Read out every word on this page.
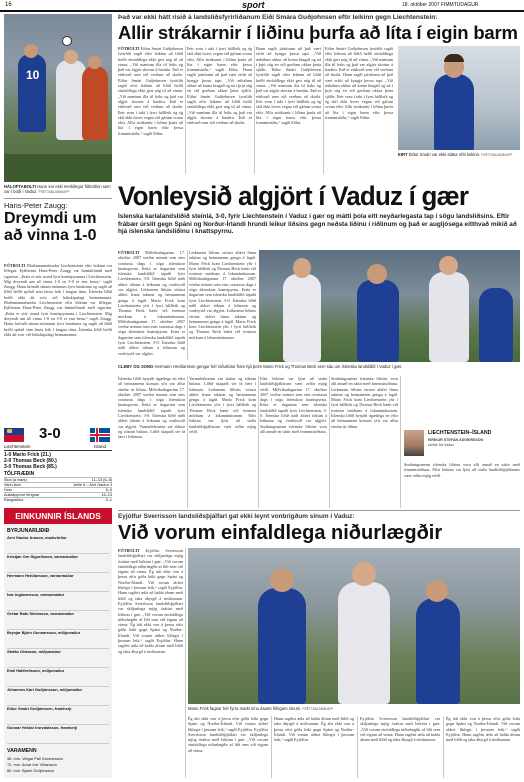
16	sport	18. október 2007 FIMMTUDAGUR
10
HÁLOFTABOLTI Hann var ekki merkilegur fótboltinn sem var í boði í Vaduz. FRÉTTABLAÐIÐ/AFP
Það var ekki hátt risið á landsliðsfyrirliðanum Eiði Smára Guðjohnsen eftir leikinn gegn Liechtenstein:
Allir strákarnir í liðinu þurfa að líta í eigin barm
FÓTBOLTI Eiður Smári Guðjohnsen fyrirliði sagði eftir leikinn að liðið hefði einfaldlega ekki gert nóg til að vinna. „Við mættum illa til leiks og það var algjör skortur á baráttu. Það er eitthvað sem við verðum að skoða. Eiður Smári Guðjohnsen fyrirliði sagði eftir leikinn að liðið hefði einfaldlega ekki gert nóg til að vinna. „Við mættum illa til leiks og það var algjör skortur á baráttu. Það er eitthvað sem við verðum að skoða. Þeir voru í takt í fyrri hálfleik og ég skil ekki hvers vegna við gáfum svona eftir. Allir strákarnir í liðinu þurfa að líta í eigin barm eftir þessa frammistöðu,“ sagði Eiður.
Þeir voru í takt í fyrri hálfleik og ég skil ekki hvers vegna við gáfum svona eftir. Allir strákarnir í liðinu þurfa að líta í eigin barm eftir þessa frammistöðu,“ sagði Eiður. Hann sagði jafnframt að það væri erfitt að kyngja þessu tapi. „Við ætluðum okkur að koma hingað og ná í þrjú stig en við gerðum okkur þetta sjálfir. Eiður Smári Guðjohnsen fyrirliði sagði eftir leikinn að liðið hefði einfaldlega ekki gert nóg til að vinna. „Við mættum illa til leiks og það var algjör skortur á baráttu. Það er eitthvað sem við verðum að skoða.
Hann sagði jafnframt að það væri erfitt að kyngja þessu tapi. „Við ætluðum okkur að koma hingað og ná í þrjú stig en við gerðum okkur þetta sjálfir. Eiður Smári Guðjohnsen fyrirliði sagði eftir leikinn að liðið hefði einfaldlega ekki gert nóg til að vinna. „Við mættum illa til leiks og það var algjör skortur á baráttu. Það er eitthvað sem við verðum að skoða. Þeir voru í takt í fyrri hálfleik og ég skil ekki hvers vegna við gáfum svona eftir. Allir strákarnir í liðinu þurfa að líta í eigin barm eftir þessa frammistöðu,“ sagði Eiður.
Eiður Smári Guðjohnsen fyrirliði sagði eftir leikinn að liðið hefði einfaldlega ekki gert nóg til að vinna. „Við mættum illa til leiks og það var algjör skortur á baráttu. Það er eitthvað sem við verðum að skoða. Hann sagði jafnframt að það væri erfitt að kyngja þessu tapi. „Við ætluðum okkur að koma hingað og ná í þrjú stig en við gerðum okkur þetta sjálfir. Þeir voru í takt í fyrri hálfleik og ég skil ekki hvers vegna við gáfum svona eftir. Allir strákarnir í liðinu þurfa að líta í eigin barm eftir þessa frammistöðu,“ sagði Eiður.
EIRT Eiður Smári var ekki sáttur eftir leikinn. FRÉTTABLAÐIÐ/AFP
Hans-Peter Zaugg:
Dreymdi um að vinna 1-0
FÓTBOLTI Blaðamannafundur Liechtenstein eftir leikinn var líflegur. Þjálfarinn Hans-Peter Zaugg var himinlifandi með sigurinn. „Þetta er stór stund fyrir knattspyrnuna í Liechtenstein. Mig dreymdi um að vinna 1-0 en 3-0 er enn betra,“ sagði Zaugg. Hann hrósaði sínum mönnum fyrir baráttuna og sagði að liðið hefði spilað sinn besta leik í langan tíma. Íslenska liðið hefði ekki átt svör við leikskipulagi heimamanna. Blaðamannafundur Liechtenstein eftir leikinn var líflegur. Þjálfarinn Hans-Peter Zaugg var himinlifandi með sigurinn. „Þetta er stór stund fyrir knattspyrnuna í Liechtenstein. Mig dreymdi um að vinna 1-0 en 3-0 er enn betra,“ sagði Zaugg. Hann hrósaði sínum mönnum fyrir baráttuna og sagði að liðið hefði spilað sinn besta leik í langan tíma. Íslenska liðið hefði ekki átt svör við leikskipulagi heimamanna.
3-0
Liechtenstein	Ísland
1-0 Mario Frick (21.)
2-0 Thomas Beck (80.)
3-0 Thomas Beck (85.)
TÖLFRÆÐIN
Skot (á mark)	11–13 (6–6)
Varin skot	Jehle 6 – Árni Gautur 3
Horn	5–5
Aukaspyrnur fengnar	14–13
Rangstöður	5–1
Vonleysið algjört í Vaduz í gær
Íslenska karlalandsliðið steinlá, 3-0, fyrir Liechtenstein í Vaduz í gær og mátti þola eitt neyðarlegasta tap í sögu landsliðsins. Eftir frábær úrslit gegn Spáni og Norður-Írlandi hrundi leikur liðsins gegn neðsta liðinu í riðlinum og það er augljósega eitthvað mikið að hjá íslenska landsliðinu í knattspyrnu.
FÓTBOLTI Miðvikudagurinn 17. október 2007 verður minnst sem eins svartasta dags í sögu íslenskrar knattspyrnu. Þetta er dagurinn sem íslenska landsliðið tapaði fyrir Liechtenstein, 3-0. Íslenska liðið náði aldrei tökum á leiknum og vonleysið var algjört. Leikmenn liðsins virtust aldrei finna taktinn og heimamenn gengu á lagið. Mario Frick kom Liechtenstein yfir í fyrri hálfleik og Thomas Beck bætti við tveimur mörkum á lokamínútunum. Miðvikudagurinn 17. október 2007 verður minnst sem eins svartasta dags í sögu íslenskrar knattspyrnu. Þetta er dagurinn sem íslenska landsliðið tapaði fyrir Liechtenstein, 3-0. Íslenska liðið náði aldrei tökum á leiknum og vonleysið var algjört.
Leikmenn liðsins virtust aldrei finna taktinn og heimamenn gengu á lagið. Mario Frick kom Liechtenstein yfir í fyrri hálfleik og Thomas Beck bætti við tveimur mörkum á lokamínútunum. Miðvikudagurinn 17. október 2007 verður minnst sem eins svartasta dags í sögu íslenskrar knattspyrnu. Þetta er dagurinn sem íslenska landsliðið tapaði fyrir Liechtenstein, 3-0. Íslenska liðið náði aldrei tökum á leiknum og vonleysið var algjört. Leikmenn liðsins virtust aldrei finna taktinn og heimamenn gengu á lagið. Mario Frick kom Liechtenstein yfir í fyrri hálfleik og Thomas Beck bætti við tveimur mörkum á lokamínútunum.
CLEBY OG SONG Hermann Hreiðarsson gengur hér niðurlútur fram hjá þeim Mario Frick og Thomas Beck sem sáu um íslenska landsliðið í Vaduz í gær.
Íslenska liðið byrjaði ágætlega en eftir að heimamenn komust yfir var allur vindur úr liðinu. Miðvikudagurinn 17. október 2007 verður minnst sem eins svartasta dags í sögu íslenskrar knattspyrnu. Þetta er dagurinn sem íslenska landsliðið tapaði fyrir Liechtenstein, 3-0. Íslenska liðið náði aldrei tökum á leiknum og vonleysið var algjört. Varnarleikurinn var slakur og sóknin bitlaus. Liðið skapaði sér fá færi í leiknum.
Varnarleikurinn var slakur og sóknin bitlaus. Liðið skapaði sér fá færi í leiknum. Leikmenn liðsins virtust aldrei finna taktinn og heimamenn gengu á lagið. Mario Frick kom Liechtenstein yfir í fyrri hálfleik og Thomas Beck bætti við tveimur mörkum á lokamínútunum. Eftir leikinn var ljóst að staða landsliðsþjálfarans væri orðin mjög erfið.
Eftir leikinn var ljóst að staða landsliðsþjálfarans væri orðin mjög erfið. Miðvikudagurinn 17. október 2007 verður minnst sem eins svartasta dags í sögu íslenskrar knattspyrnu. Þetta er dagurinn sem íslenska landsliðið tapaði fyrir Liechtenstein, 3-0. Íslenska liðið náði aldrei tökum á leiknum og vonleysið var algjört. Stuðningsmenn íslenska liðsins voru allt annað en sáttir með frammistöðuna.
Stuðningsmenn íslenska liðsins voru allt annað en sáttir með frammistöðuna. Leikmenn liðsins virtust aldrei finna taktinn og heimamenn gengu á lagið. Mario Frick kom Liechtenstein yfir í fyrri hálfleik og Thomas Beck bætti við tveimur mörkum á lokamínútunum. Íslenska liðið byrjaði ágætlega en eftir að heimamenn komust yfir var allur vindur úr liðinu.
LIECHTENSTEIN–ÍSLAND
EIRÍKUR STEFÁN ÁSGEIRSSON
skrifar frá Vaduz
Stuðningsmenn íslenska liðsins voru allt annað en sáttir með frammistöðuna. Eftir leikinn var ljóst að staða landsliðsþjálfarans væri orðin mjög erfið.
EINKUNNIR ÍSLANDS
BYRJUNARLIÐIÐ
Árni Gautur Arason, markvörður
Kristján Örn Sigurðsson, varnarmaður
Hermann Hreiðarsson, varnarmaður
Ívar Ingimarsson, varnarmaður
Grétar Rafn Steinsson, varnarmaður
Brynjar Björn Gunnarsson, miðjumaður
Stefán Gíslason, miðjumaður
Emil Hallfreðsson, miðjumaður
Jóhannes Karl Guðjónsson, miðjumaður
Eiður Smári Guðjohnsen, framherji
Gunnar Heiðar Þorvaldsson, framherji
VARAMENN
46. mín. Veigar Páll Gunnarsson
72. mín. Arnar Þór Viðarsson
80. mín. Bjarni Guðjónsson
Eyjólfur Sverrisson landsliðsþjálfari gat ekki leynt vonbrigðum sínum í Vaduz:
Við vorum einfaldlega niðurlægðir
FÓTBOLTI Eyjólfur Sverrisson landsliðsþjálfari var skiljanlega mjög ósáttur með leikinn í gær. „Við vorum einfaldlega niðurlægðir af liði sem við eigum að vinna. Ég átti ekki von á þessu eftir góða leiki gegn Spáni og Norður-Írlandi. Við vorum aldrei líklegir í þessum leik,“ sagði Eyjólfur. Hann sagðist ætla að halda áfram með liðið og taka ábyrgð á úrslitunum. Eyjólfur Sverrisson landsliðsþjálfari var skiljanlega mjög ósáttur með leikinn í gær. „Við vorum einfaldlega niðurlægðir af liði sem við eigum að vinna. Ég átti ekki von á þessu eftir góða leiki gegn Spáni og Norður-Írlandi. Við vorum aldrei líklegir í þessum leik,“ sagði Eyjólfur. Hann sagðist ætla að halda áfram með liðið og taka ábyrgð á úrslitunum.
Mario Frick fagnar hér fyrra marki sínu ásamt félögum sínum. FRÉTTABLAÐIÐ/AFP
Ég átti ekki von á þessu eftir góða leiki gegn Spáni og Norður-Írlandi. Við vorum aldrei líklegir í þessum leik,“ sagði Eyjólfur. Eyjólfur Sverrisson landsliðsþjálfari var skiljanlega mjög ósáttur með leikinn í gær. „Við vorum einfaldlega niðurlægðir af liði sem við eigum að vinna.
Hann sagðist ætla að halda áfram með liðið og taka ábyrgð á úrslitunum. Ég átti ekki von á þessu eftir góða leiki gegn Spáni og Norður-Írlandi. Við vorum aldrei líklegir í þessum leik,“ sagði Eyjólfur.
Eyjólfur Sverrisson landsliðsþjálfari var skiljanlega mjög ósáttur með leikinn í gær. „Við vorum einfaldlega niðurlægðir af liði sem við eigum að vinna. Hann sagðist ætla að halda áfram með liðið og taka ábyrgð á úrslitunum.
Ég átti ekki von á þessu eftir góða leiki gegn Spáni og Norður-Írlandi. Við vorum aldrei líklegir í þessum leik,“ sagði Eyjólfur. Hann sagðist ætla að halda áfram með liðið og taka ábyrgð á úrslitunum.
